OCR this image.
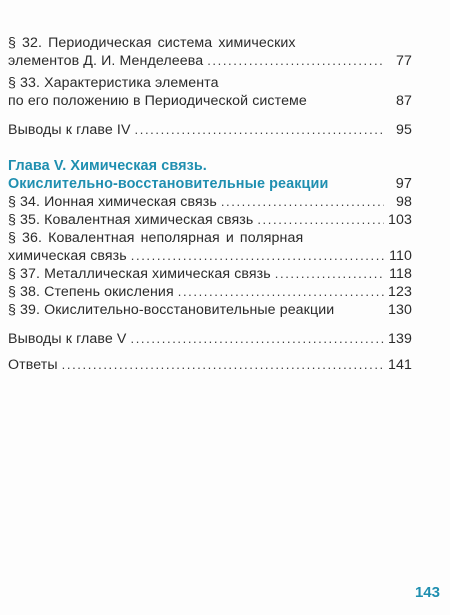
§ 32. Периодическая система химических
элементов Д. И. Менделеева .....	77
§ 33. Характеристика элемента
по его положению в Периодической системе	87
Выводы к главе IV .....	95
Глава V. Химическая связь.
Окислительно-восстановительные реакции	97
§ 34. Ионная химическая связь .....	98
§ 35. Ковалентная химическая связь .....	103
§ 36. Ковалентная неполярная и полярная
химическая связь .....	110
§ 37. Металлическая химическая связь .....	118
§ 38. Степень окисления .....	123
§ 39. Окислительно-восстановительные реакции	130
Выводы к главе V .....	139
Ответы .....	141
143
